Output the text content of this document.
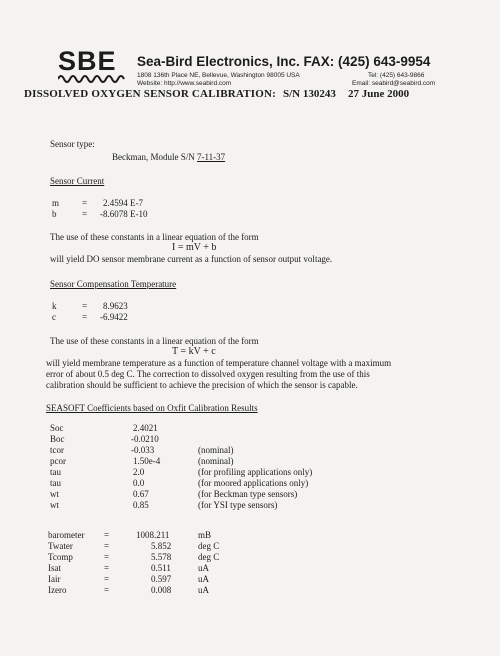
SBE Sea-Bird Electronics, Inc. FAX: (425) 643-9954
1808 136th Place NE, Bellevue, Washington 98005 USA	Tel: (425) 643-9866
Website: http://www.seabird.com	Email: seabird@seabird.com
DISSOLVED OXYGEN SENSOR CALIBRATION: S/N 130243 27 June 2000
Sensor type:
Beckman, Module S/N 7-11-37
Sensor Current
m	= 2.4594 E-7
b	= -8.6078 E-10
The use of these constants in a linear equation of the form
I = mV + b
will yield DO sensor membrane current as a function of sensor output voltage.
Sensor Compensation Temperature
k	= 8.9623
c	= -6.9422
The use of these constants in a linear equation of the form
T = kV + c
will yield membrane temperature as a function of temperature channel voltage with a maximum
error of about 0.5 deg C. The correction to dissolved oxygen resulting from the use of this
calibration should be sufficient to achieve the precision of which the sensor is capable.
SEASOFT Coefficients based on Oxfit Calibration Results
Soc	2.4021
Boc	-0.0210
tcor	-0.033	(nominal)
pcor	1.50e-4	(nominal)
tau	2.0	(for profiling applications only)
tau	0.0	(for moored applications only)
wt	0.67	(for Beckman type sensors)
wt	0.85	(for YSI type sensors)
barometer =	1008.211	mB
Twater	=	5.852	deg C
Tcomp	=	5.578	deg C
Isat	=	0.511	uA
Iair	=	0.597	uA
Izero	=	0.008	uA
